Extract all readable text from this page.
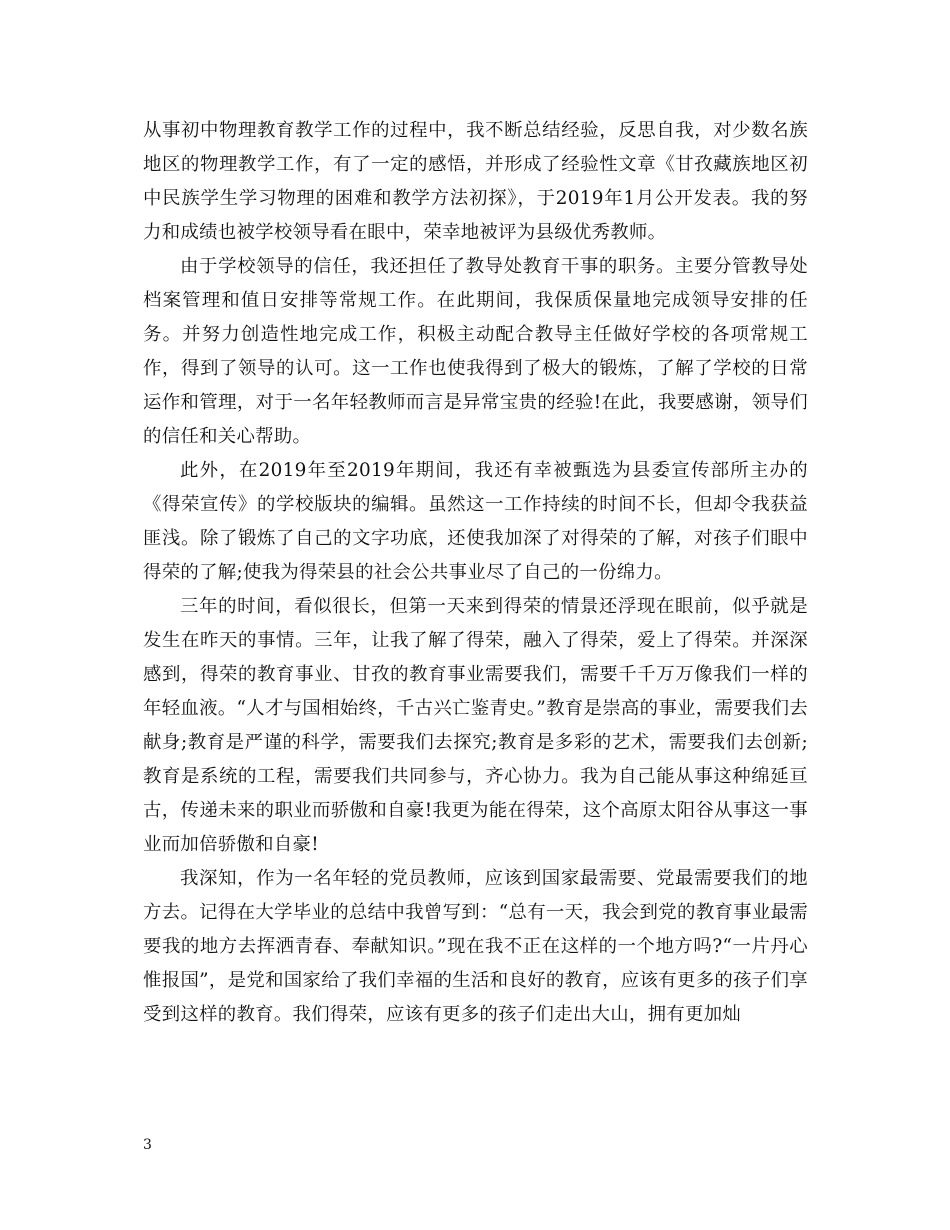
从事初中物理教育教学工作的过程中，我不断总结经验，反思自我，对少数名族地区的物理教学工作，有了一定的感悟，并形成了经验性文章《甘孜藏族地区初中民族学生学习物理的困难和教学方法初探》，于2019年1月公开发表。我的努力和成绩也被学校领导看在眼中，荣幸地被评为县级优秀教师。

由于学校领导的信任，我还担任了教导处教育干事的职务。主要分管教导处档案管理和值日安排等常规工作。在此期间，我保质保量地完成领导安排的任务。并努力创造性地完成工作，积极主动配合教导主任做好学校的各项常规工作，得到了领导的认可。这一工作也使我得到了极大的锻炼，了解了学校的日常运作和管理，对于一名年轻教师而言是异常宝贵的经验!在此，我要感谢，领导们的信任和关心帮助。

此外，在2019年至2019年期间，我还有幸被甄选为县委宣传部所主办的《得荣宣传》的学校版块的编辑。虽然这一工作持续的时间不长，但却令我获益匪浅。除了锻炼了自己的文字功底，还使我加深了对得荣的了解，对孩子们眼中得荣的了解;使我为得荣县的社会公共事业尽了自己的一份绵力。

三年的时间，看似很长，但第一天来到得荣的情景还浮现在眼前，似乎就是发生在昨天的事情。三年，让我了解了得荣，融入了得荣，爱上了得荣。并深深感到，得荣的教育事业、甘孜的教育事业需要我们，需要千千万万像我们一样的年轻血液。“人才与国相始终，千古兴亡鉴青史。”教育是崇高的事业，需要我们去献身;教育是严谨的科学，需要我们去探究;教育是多彩的艺术，需要我们去创新;教育是系统的工程，需要我们共同参与，齐心协力。我为自己能从事这种绵延亘古，传递未来的职业而骄傲和自豪!我更为能在得荣，这个高原太阳谷从事这一事业而加倍骄傲和自豪!

我深知，作为一名年轻的党员教师，应该到国家最需要、党最需要我们的地方去。记得在大学毕业的总结中我曾写到：“总有一天，我会到党的教育事业最需要我的地方去挥洒青春、奉献知识。”现在我不正在这样的一个地方吗?“一片丹心惟报国”，是党和国家给了我们幸福的生活和良好的教育，应该有更多的孩子们享受到这样的教育。我们得荣，应该有更多的孩子们走出大山，拥有更加灿

3
